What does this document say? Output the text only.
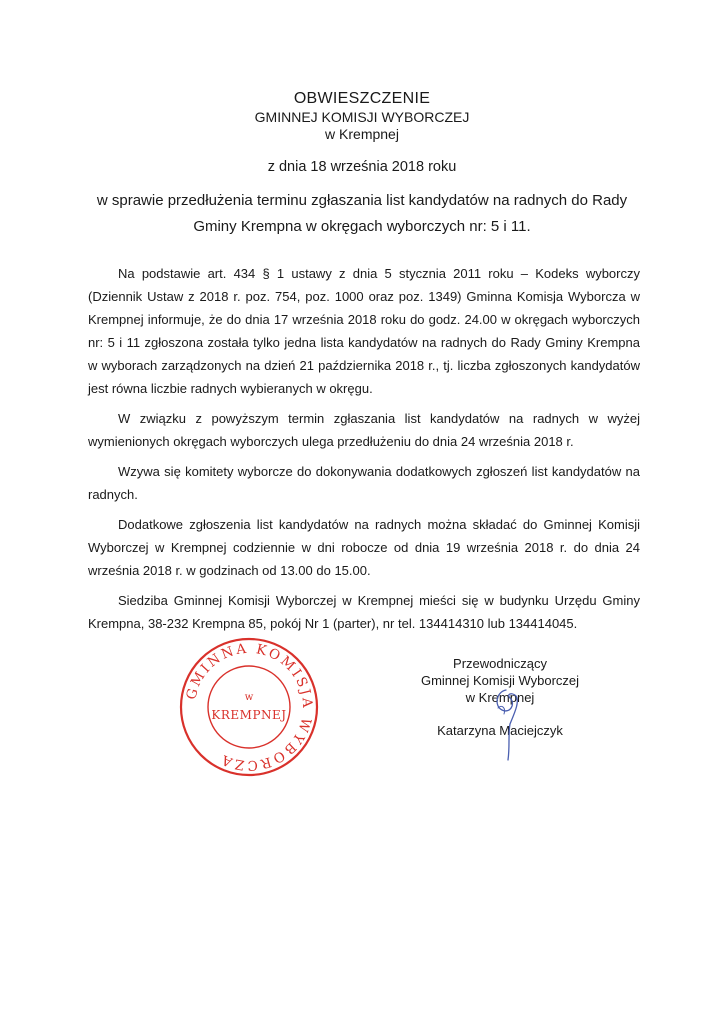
OBWIESZCZENIE
GMINNEJ KOMISJI WYBORCZEJ
w Krempnej
z dnia 18 września 2018 roku
w sprawie przedłużenia terminu zgłaszania list kandydatów na radnych do Rady
Gminy Krempna w okręgach wyborczych nr: 5 i 11.

Na podstawie art. 434 § 1 ustawy z dnia 5 stycznia 2011 roku – Kodeks wyborczy (Dziennik Ustaw z 2018 r. poz. 754, poz. 1000 oraz poz. 1349) Gminna Komisja Wyborcza w Krempnej informuje, że do dnia 17 września 2018 roku do godz. 24.00 w okręgach wyborczych nr: 5 i 11 zgłoszona została tylko jedna lista kandydatów na radnych do Rady Gminy Krempna w wyborach zarządzonych na dzień 21 października 2018 r., tj. liczba zgłoszonych kandydatów jest równa liczbie radnych wybieranych w okręgu.

W związku z powyższym termin zgłaszania list kandydatów na radnych w wyżej wymienionych okręgach wyborczych ulega przedłużeniu do dnia 24 września 2018 r.

Wzywa się komitety wyborcze do dokonywania dodatkowych zgłoszeń list kandydatów na radnych.

Dodatkowe zgłoszenia list kandydatów na radnych można składać do Gminnej Komisji Wyborczej w Krempnej codziennie w dni robocze od dnia 19 września 2018 r. do dnia 24 września 2018 r. w godzinach od 13.00 do 15.00.

Siedziba Gminnej Komisji Wyborczej w Krempnej mieści się w budynku Urzędu Gminy Krempna, 38-232 Krempna 85, pokój Nr 1 (parter), nr tel. 134414310 lub 134414045.

GMINNA KOMISJA WYBORCZA
w
KREMPNEJ
Przewodniczący
Gminnej Komisji Wyborczej
w Krempnej
Katarzyna Maciejczyk
